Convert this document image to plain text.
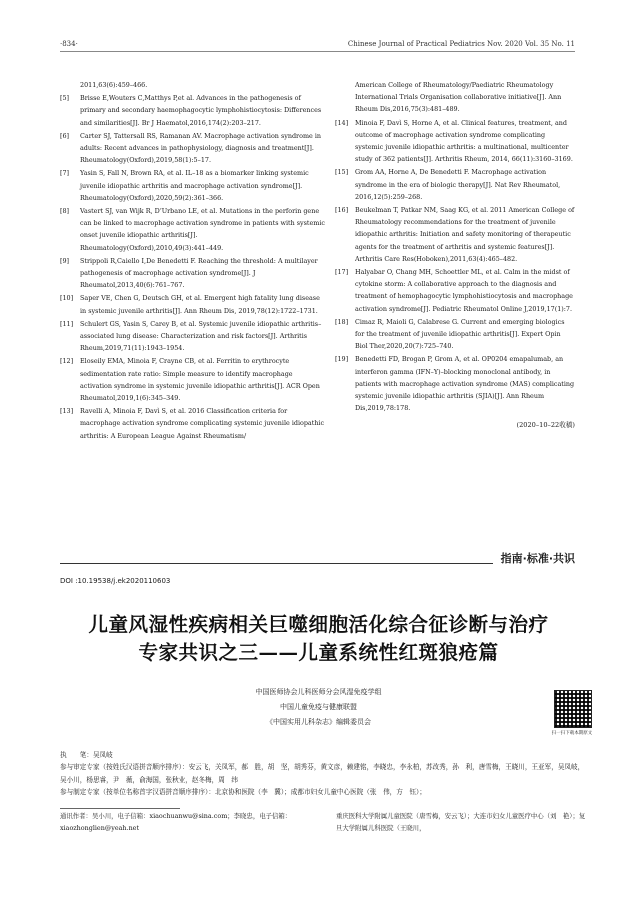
·834·	Chinese Journal of Practical Pediatrics Nov. 2020 Vol. 35 No. 11

2011,63(6):459–466.

[5] Brisse E,Wouters C,Matthys P,et al. Advances in the pathogenesis of primary and secondary haemophagocytic lymphohistiocytosis: Differences and similarities[J]. Br J Haematol,2016,174(2):203–217.

[6] Carter SJ, Tattersall RS, Ramanan AV. Macrophage activation syndrome in adults: Recent advances in pathophysiology, diagnosis and treatment[J]. Rheumatology(Oxford),2019,58(1):5–17.

[7] Yasin S, Fall N, Brown RA, et al. IL–18 as a biomarker linking systemic juvenile idiopathic arthritis and macrophage activation syndrome[J]. Rheumatology(Oxford),2020,59(2):361–366.

[8] Vastert SJ, van Wijk R, D’Urbano LE, et al. Mutations in the perforin gene can be linked to macrophage activation syndrome in patients with systemic onset juvenile idiopathic arthritis[J]. Rheumatology(Oxford),2010,49(3):441–449.

[9] Strippoli R,Caiello I,De Benedetti F. Reaching the threshold: A multilayer pathogenesis of macrophage activation syndrome[J]. J Rheumatol,2013,40(6):761–767.

[10] Saper VE, Chen G, Deutsch GH, et al. Emergent high fatality lung disease in systemic juvenile arthritis[J]. Ann Rheum Dis, 2019,78(12):1722–1731.

[11] Schulert GS, Yasin S, Carey B, et al. Systemic juvenile idiopathic arthritis–associated lung disease: Characterization and risk factors[J]. Arthritis Rheum,2019,71(11):1943–1954.

[12] Eloseily EMA, Minoia F, Crayne CB, et al. Ferritin to erythrocyte sedimentation rate ratio: Simple measure to identify macrophage activation syndrome in systemic juvenile idiopathic arthritis[J]. ACR Open Rheumatol,2019,1(6):345–349.

[13] Ravelli A, Minoia F, Davì S, et al. 2016 Classification criteria for macrophage activation syndrome complicating systemic juvenile idiopathic arthritis: A European League Against Rheumatism/

American College of Rheumatology/Paediatric Rheumatology International Trials Organisation collaborative initiative[J]. Ann Rheum Dis,2016,75(3):481–489.

[14] Minoia F, Davì S, Horne A, et al. Clinical features, treatment, and outcome of macrophage activation syndrome complicating systemic juvenile idiopathic arthritis: a multinational, multicenter study of 362 patients[J]. Arthritis Rheum, 2014, 66(11):3160–3169.

[15] Grom AA, Horne A, De Benedetti F. Macrophage activation syndrome in the era of biologic therapy[J]. Nat Rev Rheumatol, 2016,12(5):259–268.

[16] Beukelman T, Patkar NM, Saag KG, et al. 2011 American College of Rheumatology recommendations for the treatment of juvenile idiopathic arthritis: Initiation and safety monitoring of therapeutic agents for the treatment of arthritis and systemic features[J]. Arthritis Care Res(Hoboken),2011,63(4):465–482.

[17] Halyabar O, Chang MH, Schoettler ML, et al. Calm in the midst of cytokine storm: A collaborative approach to the diagnosis and treatment of hemophagocytic lymphohistiocytosis and macrophage activation syndrome[J]. Pediatric Rheumatol Online J,2019,17(1):7.

[18] Cimaz R, Maioli G, Calabrese G. Current and emerging biologics for the treatment of juvenile idiopathic arthritis[J]. Expert Opin Biol Ther,2020,20(7):725–740.

[19] Benedetti FD, Brogan P, Grom A, et al. OP0204 emapalumab, an interferon gamma (IFN–Y)–blocking monoclonal antibody, in patients with macrophage activation syndrome (MAS) complicating systemic juvenile idiopathic arthritis (SJIA)[J]. Ann Rheum Dis,2019,78:178.

(2020–10–22收稿)
指南·标准·共识
DOI :10.19538/j.ek2020110603
儿童风湿性疾病相关巨噬细胞活化综合征诊断与治疗
专家共识之三——儿童系统性红斑狼疮篇
中国医师协会儿科医师分会风湿免疫学组
中国儿童免疫与健康联盟
《中国实用儿科杂志》编辑委员会
扫一扫下载本期原文

执　　笔：吴凤岐

参与审定专家（按姓氏汉语拼音顺序排序）：安云飞，关凤军，郝　胜，胡　坚，胡秀芬，黄文彦，赖建铭，李晓忠，李永柏，苏改秀，孙　利，唐雪梅，王晓川，王亚军，吴凤岐，吴小川，杨思睿，尹　薇，俞海国，张秋业，赵冬梅，周　纬

参与制定专家（按单位名称首字汉语拼音顺序排序）：北京协和医院（李　冀）；成都市妇女儿童中心医院（张　伟，方　钰）；

通讯作者：吴小川，电子信箱：xiaochuanwu@sina.com；李晓忠，电子信箱：xiaozhonglien@yeah.net
重庆医科大学附属儿童医院（唐雪梅，安云飞）；大连市妇女儿童医疗中心（刘　艳）；复旦大学附属儿科医院（王晓川，
